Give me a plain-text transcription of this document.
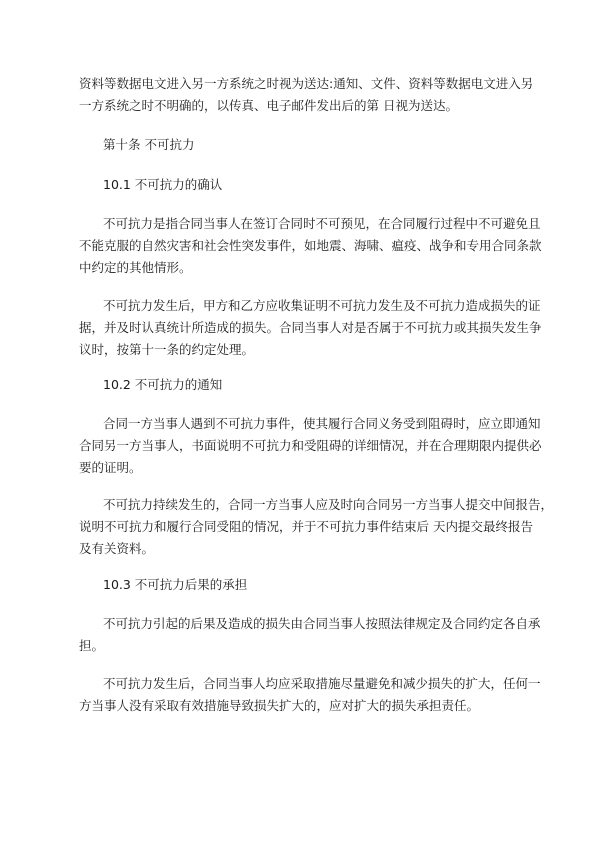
资料等数据电文进入另一方系统之时视为送达:通知、文件、资料等数据电文进入另
一方系统之时不明确的，以传真、电子邮件发出后的第 日视为送达。

第十条 不可抗力

10.1 不可抗力的确认

不可抗力是指合同当事人在签订合同时不可预见，在合同履行过程中不可避免且
不能克服的自然灾害和社会性突发事件，如地震、海啸、瘟疫、战争和专用合同条款
中约定的其他情形。

不可抗力发生后，甲方和乙方应收集证明不可抗力发生及不可抗力造成损失的证
据，并及时认真统计所造成的损失。合同当事人对是否属于不可抗力或其损失发生争
议时，按第十一条的约定处理。

10.2 不可抗力的通知

合同一方当事人遇到不可抗力事件，使其履行合同义务受到阻碍时，应立即通知
合同另一方当事人，书面说明不可抗力和受阻碍的详细情况，并在合理期限内提供必
要的证明。

不可抗力持续发生的，合同一方当事人应及时向合同另一方当事人提交中间报告，
说明不可抗力和履行合同受阻的情况，并于不可抗力事件结束后 天内提交最终报告
及有关资料。

10.3 不可抗力后果的承担

不可抗力引起的后果及造成的损失由合同当事人按照法律规定及合同约定各自承
担。

不可抗力发生后，合同当事人均应采取措施尽量避免和减少损失的扩大，任何一
方当事人没有采取有效措施导致损失扩大的，应对扩大的损失承担责任。
